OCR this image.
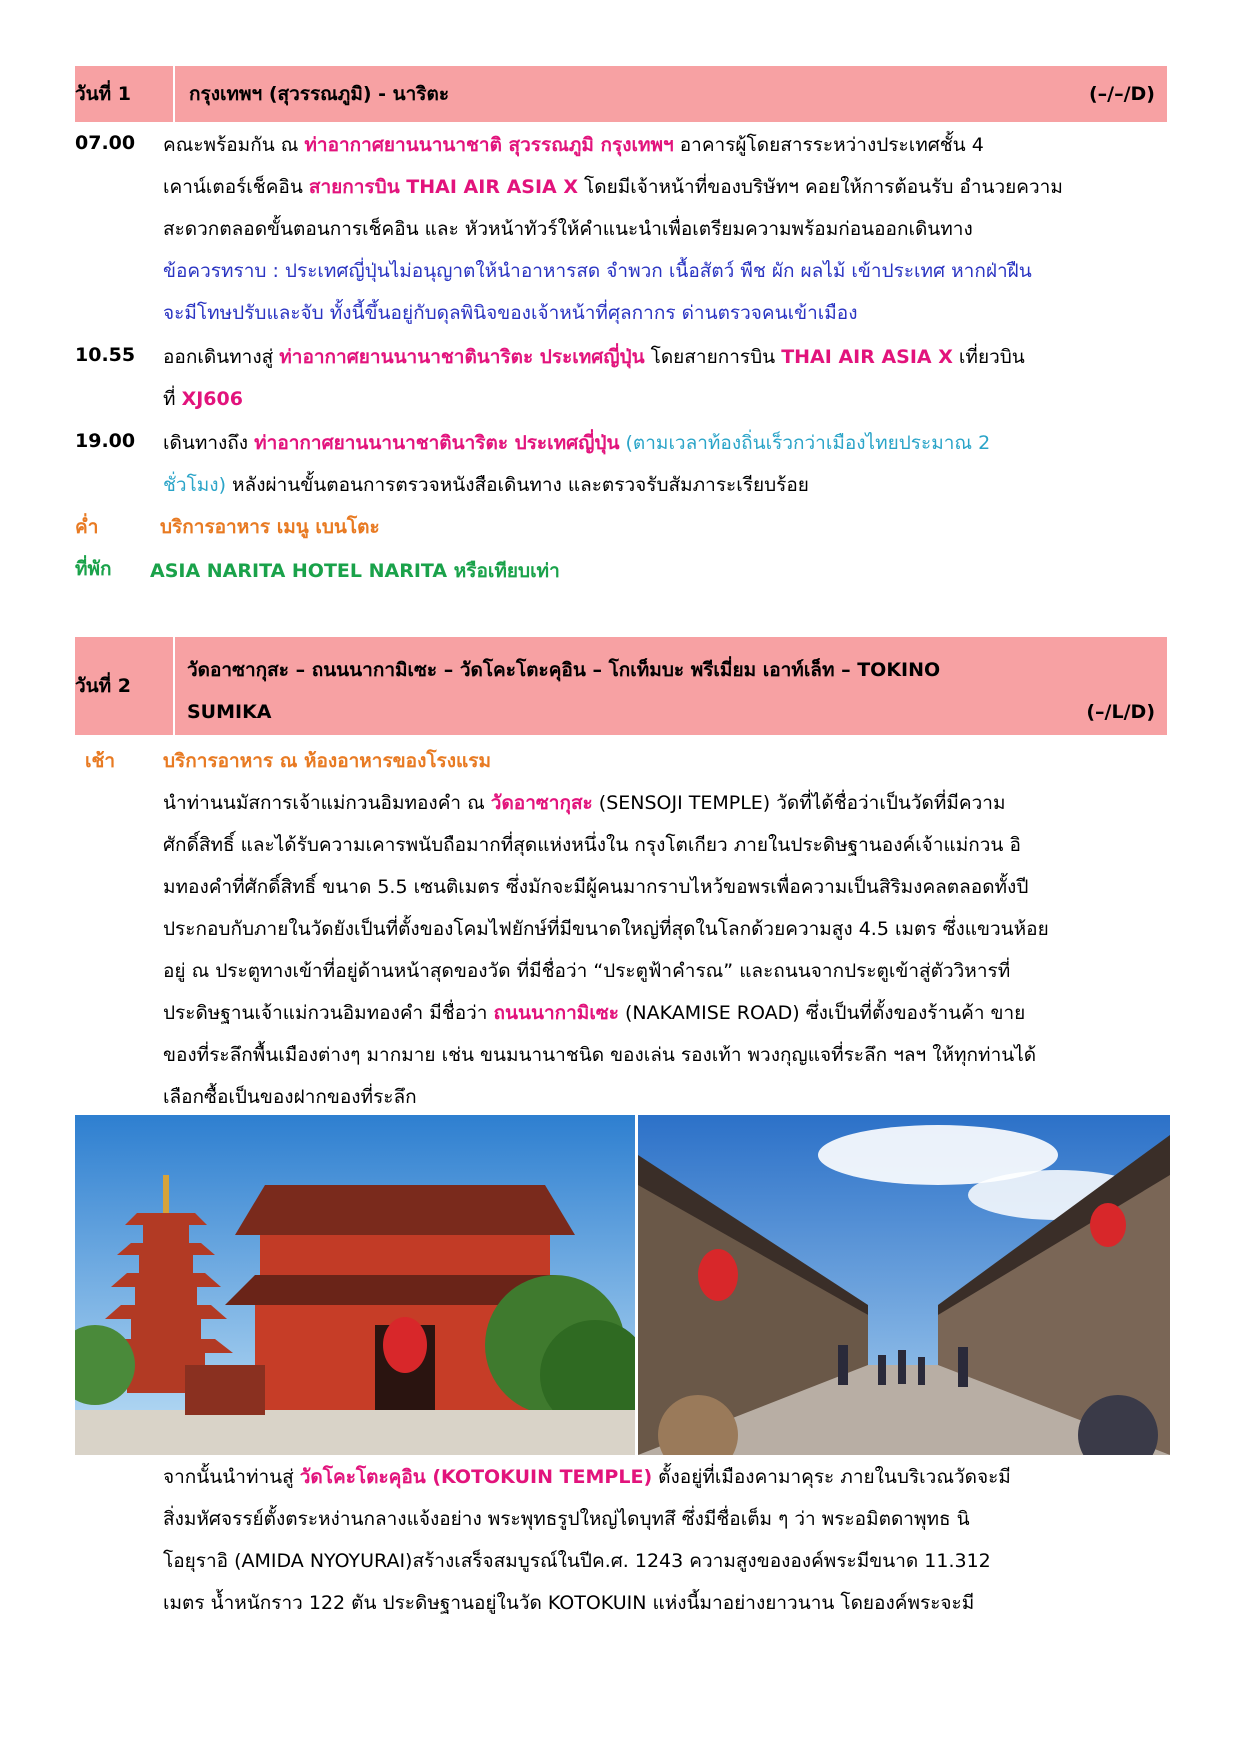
วันที่ 1	กรุงเทพฯ (สุวรรณภูมิ) - นาริตะ	(–/–/D)
07.00 คณะพร้อมกัน ณ ท่าอากาศยานนานาชาติ สุวรรณภูมิ กรุงเทพฯ อาคารผู้โดยสารระหว่างประเทศชั้น 4
เคาน์เตอร์เช็คอิน สายการบิน THAI AIR ASIA X โดยมีเจ้าหน้าที่ของบริษัทฯ คอยให้การต้อนรับ อำนวยความ
สะดวกตลอดขั้นตอนการเช็คอิน และ หัวหน้าทัวร์ให้คำแนะนำเพื่อเตรียมความพร้อมก่อนออกเดินทาง
ข้อควรทราบ : ประเทศญี่ปุ่นไม่อนุญาตให้นำอาหารสด จำพวก เนื้อสัตว์ พืช ผัก ผลไม้ เข้าประเทศ หากฝ่าฝืน
จะมีโทษปรับและจับ ทั้งนี้ขึ้นอยู่กับดุลพินิจของเจ้าหน้าที่ศุลกากร ด่านตรวจคนเข้าเมือง
10.55 ออกเดินทางสู่ ท่าอากาศยานนานาชาตินาริตะ ประเทศญี่ปุ่น โดยสายการบิน THAI AIR ASIA X เที่ยวบิน
ที่ XJ606
19.00 เดินทางถึง ท่าอากาศยานนานาชาตินาริตะ ประเทศญี่ปุ่น (ตามเวลาท้องถิ่นเร็วกว่าเมืองไทยประมาณ 2
ชั่วโมง) หลังผ่านขั้นตอนการตรวจหนังสือเดินทาง และตรวจรับสัมภาระเรียบร้อย
ค่ำ	บริการอาหาร เมนู เบนโตะ
ที่พัก ASIA NARITA HOTEL NARITA หรือเทียบเท่า
วันที่ 2
วัดอาซากุสะ – ถนนนากามิเซะ – วัดโคะโตะคุอิน – โกเท็มบะ พรีเมี่ยม เอาท์เล็ท – TOKINO
SUMIKA	(–/L/D)
เช้า	บริการอาหาร ณ ห้องอาหารของโรงแรม
นำท่านนมัสการเจ้าแม่กวนอิมทองคำ ณ วัดอาซากุสะ (SENSOJI TEMPLE) วัดที่ได้ชื่อว่าเป็นวัดที่มีความ
ศักดิ์สิทธิ์ และได้รับความเคารพนับถือมากที่สุดแห่งหนึ่งใน กรุงโตเกียว ภายในประดิษฐานองค์เจ้าแม่กวน อิ
มทองคำที่ศักดิ์สิทธิ์ ขนาด 5.5 เซนติเมตร ซึ่งมักจะมีผู้คนมากราบไหว้ขอพรเพื่อความเป็นสิริมงคลตลอดทั้งปี
ประกอบกับภายในวัดยังเป็นที่ตั้งของโคมไฟยักษ์ที่มีขนาดใหญ่ที่สุดในโลกด้วยความสูง 4.5 เมตร ซึ่งแขวนห้อย
อยู่ ณ ประตูทางเข้าที่อยู่ด้านหน้าสุดของวัด ที่มีชื่อว่า “ประตูฟ้าคำรณ” และถนนจากประตูเข้าสู่ตัววิหารที่
ประดิษฐานเจ้าแม่กวนอิมทองคำ มีชื่อว่า ถนนนากามิเซะ (NAKAMISE ROAD) ซึ่งเป็นที่ตั้งของร้านค้า ขาย
ของที่ระลึกพื้นเมืองต่างๆ มากมาย เช่น ขนมนานาชนิด ของเล่น รองเท้า พวงกุญแจที่ระลึก ฯลฯ ให้ทุกท่านได้
เลือกซื้อเป็นของฝากของที่ระลึก
จากนั้นนำท่านสู่ วัดโคะโตะคุอิน (KOTOKUIN TEMPLE) ตั้งอยู่ที่เมืองคามาคุระ ภายในบริเวณวัดจะมี
สิ่งมหัศจรรย์ตั้งตระหง่านกลางแจ้งอย่าง พระพุทธรูปใหญ่ไดบุทสึ ซึ่งมีชื่อเต็ม ๆ ว่า พระอมิตดาพุทธ นิ
โอยุราอิ (AMIDA NYOYURAI)สร้างเสร็จสมบูรณ์ในปีค.ศ. 1243 ความสูงขององค์พระมีขนาด 11.312
เมตร น้ำหนักราว 122 ตัน ประดิษฐานอยู่ในวัด KOTOKUIN แห่งนี้มาอย่างยาวนาน โดยองค์พระจะมี
